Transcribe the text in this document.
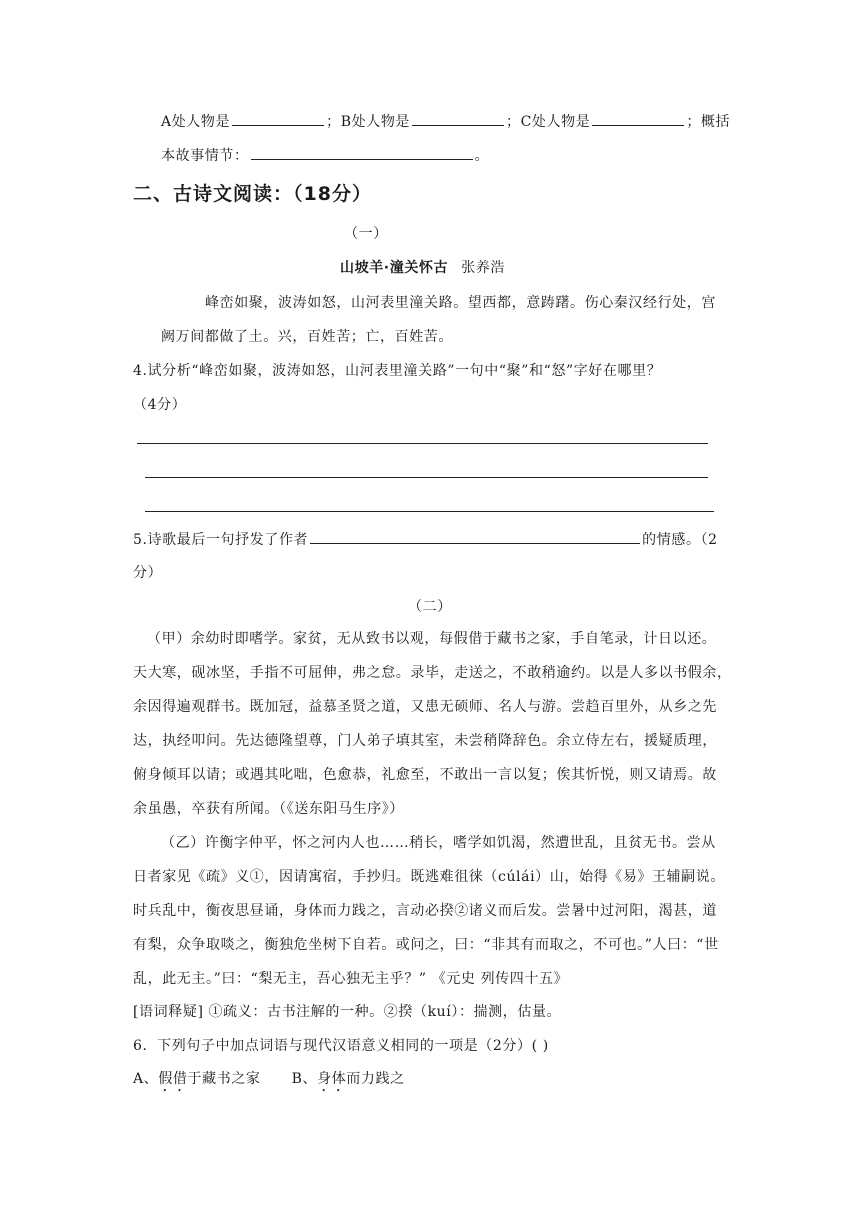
A处人物是	；B处人物是	；C处人物是	；概括
本故事情节：	。
二、古诗文阅读：（18分）
（一）
山坡羊·潼关怀古 张养浩
峰峦如聚，波涛如怒，山河表里潼关路。望西都，意踌躇。伤心秦汉经行处，宫
阙万间都做了土。兴，百姓苦；亡，百姓苦。
4.试分析“峰峦如聚，波涛如怒，山河表里潼关路”一句中“聚”和“怒”字好在哪里？
（4分）
5.诗歌最后一句抒发了作者	的情感。（2
分）
（二）
（甲）余幼时即嗜学。家贫，无从致书以观，每假借于藏书之家，手自笔录，计日以还。
天大寒，砚冰坚，手指不可屈伸，弗之怠。录毕，走送之，不敢稍逾约。以是人多以书假余，
余因得遍观群书。既加冠，益慕圣贤之道，又患无硕师、名人与游。尝趋百里外，从乡之先
达，执经叩问。先达德隆望尊，门人弟子填其室，未尝稍降辞色。余立侍左右，援疑质理，
俯身倾耳以请；或遇其叱咄，色愈恭，礼愈至，不敢出一言以复；俟其忻悦，则又请焉。故
余虽愚，卒获有所闻。（《送东阳马生序》）
（乙）许衡字仲平，怀之河内人也……稍长，嗜学如饥渴，然遭世乱，且贫无书。尝从
日者家见《疏》义①，因请寓宿，手抄归。既逃难徂徕（cúlái）山，始得《易》王辅嗣说。
时兵乱中，衡夜思昼诵，身体而力践之，言动必揆②诸义而后发。尝暑中过河阳，渴甚，道
有梨，众争取啖之，衡独危坐树下自若。或问之，曰：“非其有而取之，不可也。”人曰：“世
乱，此无主。”曰：“梨无主，吾心独无主乎？” 《元史 列传四十五》
[语词释疑] ①疏义：古书注解的一种。②揆（kuí）：揣测，估量。
6．下列句子中加点词语与现代汉语意义相同的一项是（2分）( )
A、假借于藏书之家 B、身体而力践之
